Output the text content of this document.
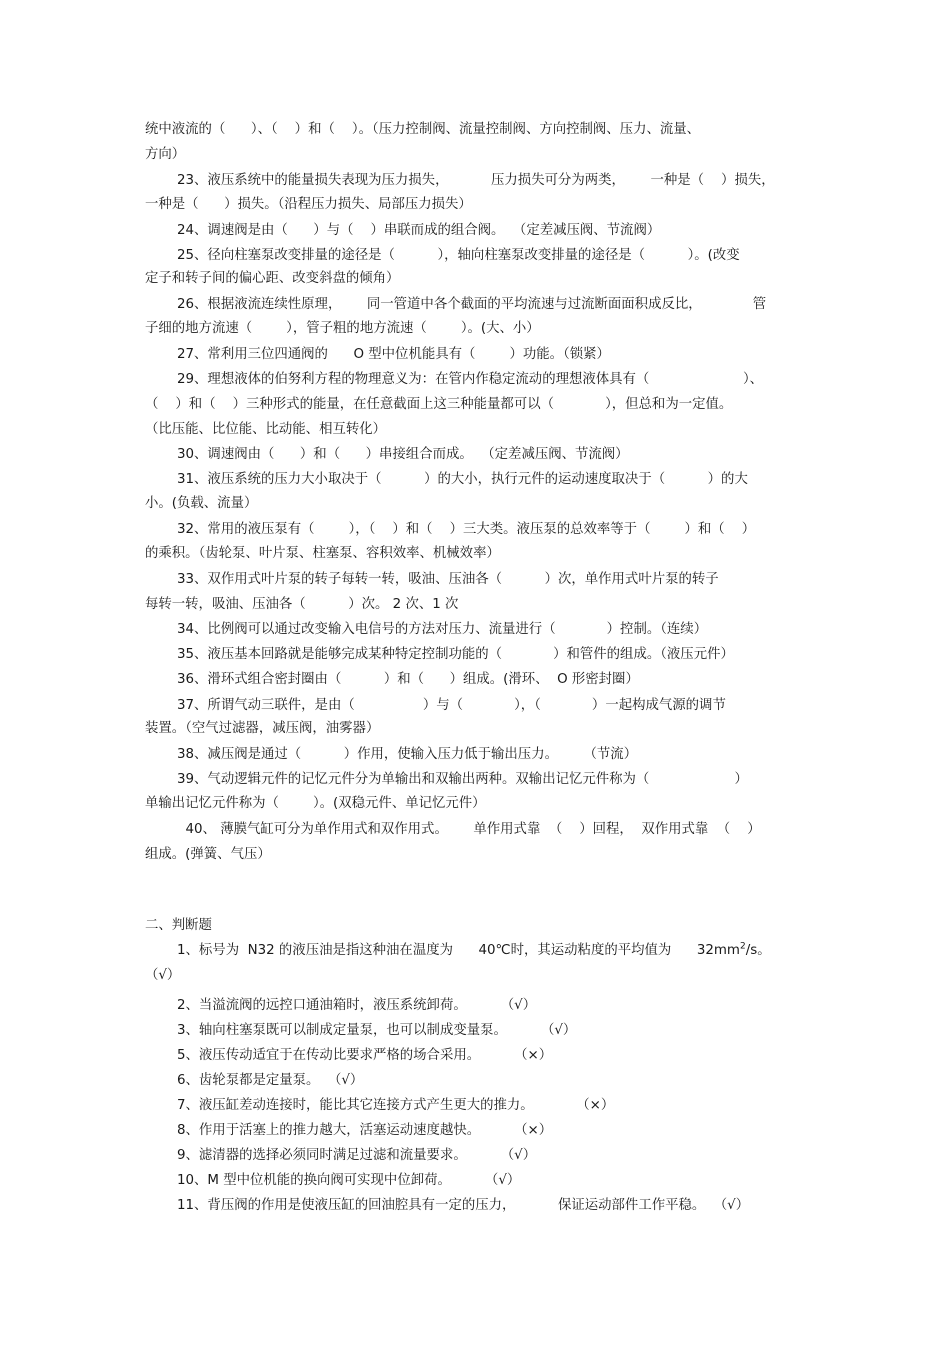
统中液流的（      ）、（    ）和（    ）。（压力控制阀、流量控制阀、方向控制阀、压力、流量、
方向）
23、液压系统中的能量损失表现为压力损失，          压力损失可分为两类，      一种是（    ）损失，
一种是（      ）损失。（沿程压力损失、局部压力损失）
24、调速阀是由（      ）与（    ）串联而成的组合阀。  （定差减压阀、节流阀）
25、径向柱塞泵改变排量的途径是（          ），轴向柱塞泵改变排量的途径是（          ）。(改变
定子和转子间的偏心距、改变斜盘的倾角）
26、根据液流连续性原理，      同一管道中各个截面的平均流速与过流断面面积成反比，            管
子细的地方流速（        ），管子粗的地方流速（        ）。(大、小）
27、常利用三位四通阀的      O 型中位机能具有（        ）功能。（锁紧）
29、理想液体的伯努利方程的物理意义为：在管内作稳定流动的理想液体具有（                      ）、
（    ）和（    ）三种形式的能量，在任意截面上这三种能量都可以（            ），但总和为一定值。
（比压能、比位能、比动能、相互转化）
30、调速阀由（      ）和（      ）串接组合而成。  （定差减压阀、节流阀）
31、液压系统的压力大小取决于（          ）的大小，执行元件的运动速度取决于（          ）的大
小。(负载、流量）
32、常用的液压泵有（        ），（    ）和（    ）三大类。液压泵的总效率等于（        ）和（    ）
的乘积。（齿轮泵、叶片泵、柱塞泵、容积效率、机械效率）
33、双作用式叶片泵的转子每转一转，吸油、压油各（          ）次，单作用式叶片泵的转子
每转一转，吸油、压油各（          ）次。 2 次、1 次
34、比例阀可以通过改变输入电信号的方法对压力、流量进行（            ）控制。（连续）
35、液压基本回路就是能够完成某种特定控制功能的（            ）和管件的组成。（液压元件）
36、滑环式组合密封圈由（          ）和（      ）组成。(滑环、  O 形密封圈）
37、所谓气动三联件，是由（                ）与（            ），（            ）一起构成气源的调节
装置。（空气过滤器，减压阀，油雾器）
38、减压阀是通过（          ）作用，使输入压力低于输出压力。      （节流）
39、气动逻辑元件的记忆元件分为单输出和双输出两种。双输出记忆元件称为（                    ）
单输出记忆元件称为（        ）。(双稳元件、单记忆元件）
40、 薄膜气缸可分为单作用式和双作用式。      单作用式靠  （    ）回程，  双作用式靠  （    ）
组成。(弹簧、气压）
二、判断题
1、标号为  N32 的液压油是指这种油在温度为      40℃时，其运动粘度的平均值为      $32mm^2/s$。
（√）
2、当溢流阀的远控口通油箱时，液压系统卸荷。        （√）
3、轴向柱塞泵既可以制成定量泵，也可以制成变量泵。        （√）
5、液压传动适宜于在传动比要求严格的场合采用。        （×）
6、齿轮泵都是定量泵。  （√）
7、液压缸差动连接时，能比其它连接方式产生更大的推力。          （×）
8、作用于活塞上的推力越大，活塞运动速度越快。        （×）
9、滤清器的选择必须同时满足过滤和流量要求。        （√）
10、M 型中位机能的换向阀可实现中位卸荷。        （√）
11、背压阀的作用是使液压缸的回油腔具有一定的压力，          保证运动部件工作平稳。  （√）
